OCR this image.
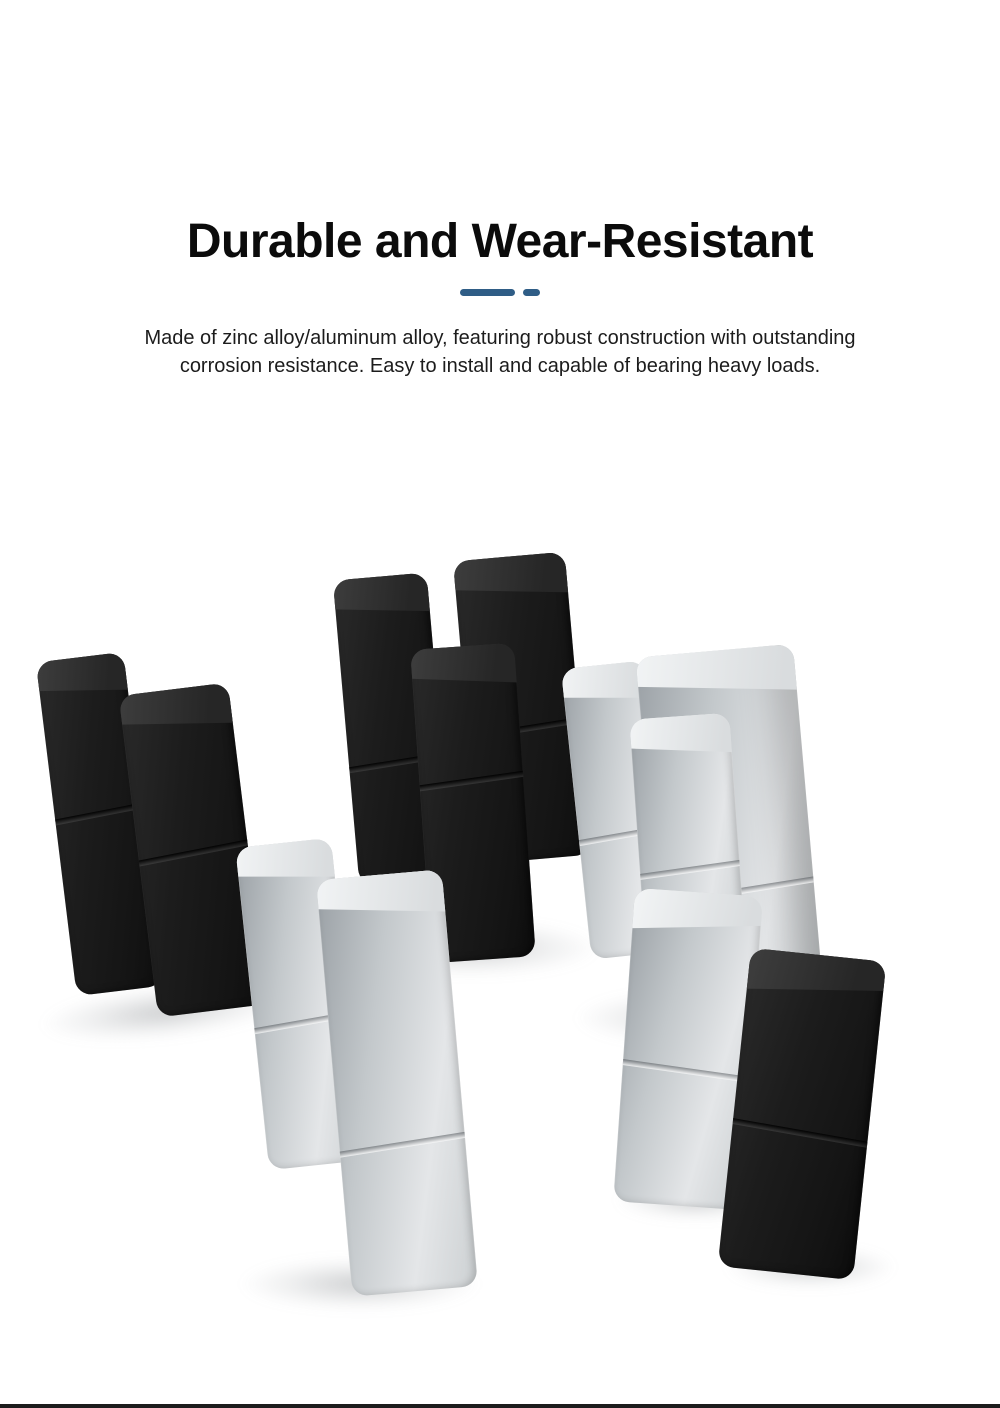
Durable and Wear-Resistant
Made of zinc alloy/aluminum alloy, featuring robust construction with outstanding
corrosion resistance. Easy to install and capable of bearing heavy loads.
